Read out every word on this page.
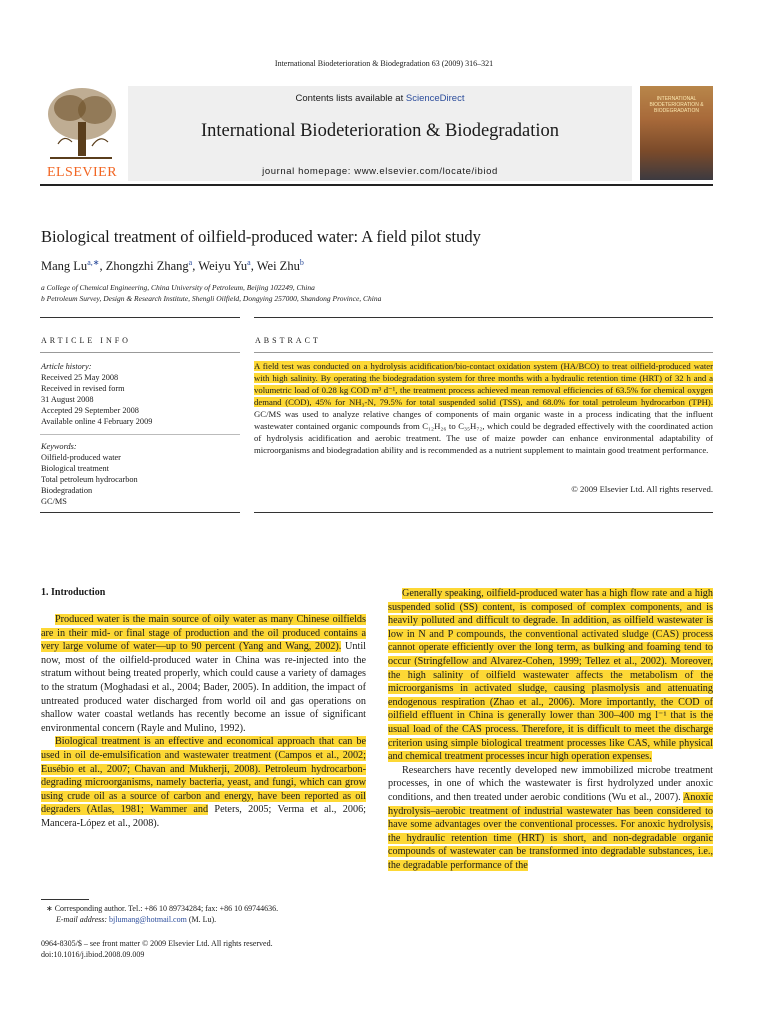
International Biodeterioration & Biodegradation 63 (2009) 316–321
ELSEVIER
Contents lists available at ScienceDirect
International Biodeterioration & Biodegradation
journal homepage: www.elsevier.com/locate/ibiod
INTERNATIONAL BIODETERIORATION & BIODEGRADATION
Biological treatment of oilfield-produced water: A field pilot study
Mang $Lu^{a,∗}$, Zhongzhi Zhang$^a$, Weiyu Yu$^a$, Wei Zhu$^b$
a College of Chemical Engineering, China University of Petroleum, Beijing 102249, China
b Petroleum Survey, Design & Research Institute, Shengli Oilfield, Dongying 257000, Shandong Province, China
ARTICLE INFO	ABSTRACT
Article history:
Received 25 May 2008
Received in revised form
31 August 2008
Accepted 29 September 2008
Available online 4 February 2009
Keywords:
Oilfield-produced water
Biological treatment
Total petroleum hydrocarbon
Biodegradation
GC/MS
A field test was conducted on a hydrolysis acidification/bio-contact oxidation system (HA/BCO) to treat oilfield-produced water with high salinity. By operating the biodegradation system for three months with a hydraulic retention time (HRT) of 32 h and a volumetric load of 0.28 kg COD m³ d⁻¹, the treatment process achieved mean removal efficiencies of 63.5% for chemical oxygen demand (COD), 45% for NH₃-N, 79.5% for total suspended solid (TSS), and 68.0% for total petroleum hydrocarbon (TPH). GC/MS was used to analyze relative changes of components of main organic waste in a process indicating that the influent wastewater contained organic compounds from C₁₂H₂₆ to C₃₅H₇₂, which could be degraded effectively with the coordinated action of hydrolysis acidification and aerobic treatment. The use of maize powder can enhance environmental adaptability of microorganisms and biodegradation ability and is recommended as a nutrient supplement to maintain good treatment performance.
© 2009 Elsevier Ltd. All rights reserved.
1. Introduction

Produced water is the main source of oily water as many Chinese oilfields are in their mid- or final stage of production and the oil produced contains a very large volume of water—up to 90 percent (Yang and Wang, 2002). Until now, most of the oilfield-produced water in China was re-injected into the stratum without being treated properly, which could cause a variety of damages to the stratum (Moghadasi et al., 2004; Bader, 2005). In addition, the impact of untreated produced water discharged from world oil and gas operations on shallow water coastal wetlands has recently become an issue of significant environmental concern (Rayle and Mulino, 1992).

Biological treatment is an effective and economical approach that can be used in oil de-emulsification and wastewater treatment (Campos et al., 2002; Eusébio et al., 2007; Chavan and Mukherji, 2008). Petroleum hydrocarbon-degrading microorganisms, namely bacteria, yeast, and fungi, which can grow using crude oil as a source of carbon and energy, have been reported as oil degraders (Atlas, 1981; Wammer and Peters, 2005; Verma et al., 2006; Mancera-López et al., 2008).

Generally speaking, oilfield-produced water has a high flow rate and a high suspended solid (SS) content, is composed of complex components, and is heavily polluted and difficult to degrade. In addition, as oilfield wastewater is low in N and P compounds, the conventional activated sludge (CAS) process cannot operate efficiently over the long term, as bulking and foaming tend to occur (Stringfellow and Alvarez-Cohen, 1999; Tellez et al., 2002). Moreover, the high salinity of oilfield wastewater affects the metabolism of the microorganisms in activated sludge, causing plasmolysis and attenuating endogenous respiration (Zhao et al., 2006). More importantly, the COD of oilfield effluent in China is generally lower than 300–400 mg l⁻¹ that is the usual load of the CAS process. Therefore, it is difficult to meet the discharge criterion using simple biological treatment processes like CAS, while physical and chemical treatment processes incur high operation expenses.

Researchers have recently developed new immobilized microbe treatment processes, in one of which the wastewater is first hydrolyzed under anoxic conditions, and then treated under aerobic conditions (Wu et al., 2007). Anoxic hydrolysis–aerobic treatment of industrial wastewater has been considered to have some advantages over the conventional processes. For anoxic hydrolysis, the hydraulic retention time (HRT) is short, and non-degradable organic compounds of wastewater can be transformed into degradable substances, i.e., the degradable performance of the

∗ Corresponding author. Tel.: +86 10 89734284; fax: +86 10 69744636.
E-mail address: bjlumang@hotmail.com (M. Lu).
0964-8305/$ – see front matter © 2009 Elsevier Ltd. All rights reserved.
doi:10.1016/j.ibiod.2008.09.009
